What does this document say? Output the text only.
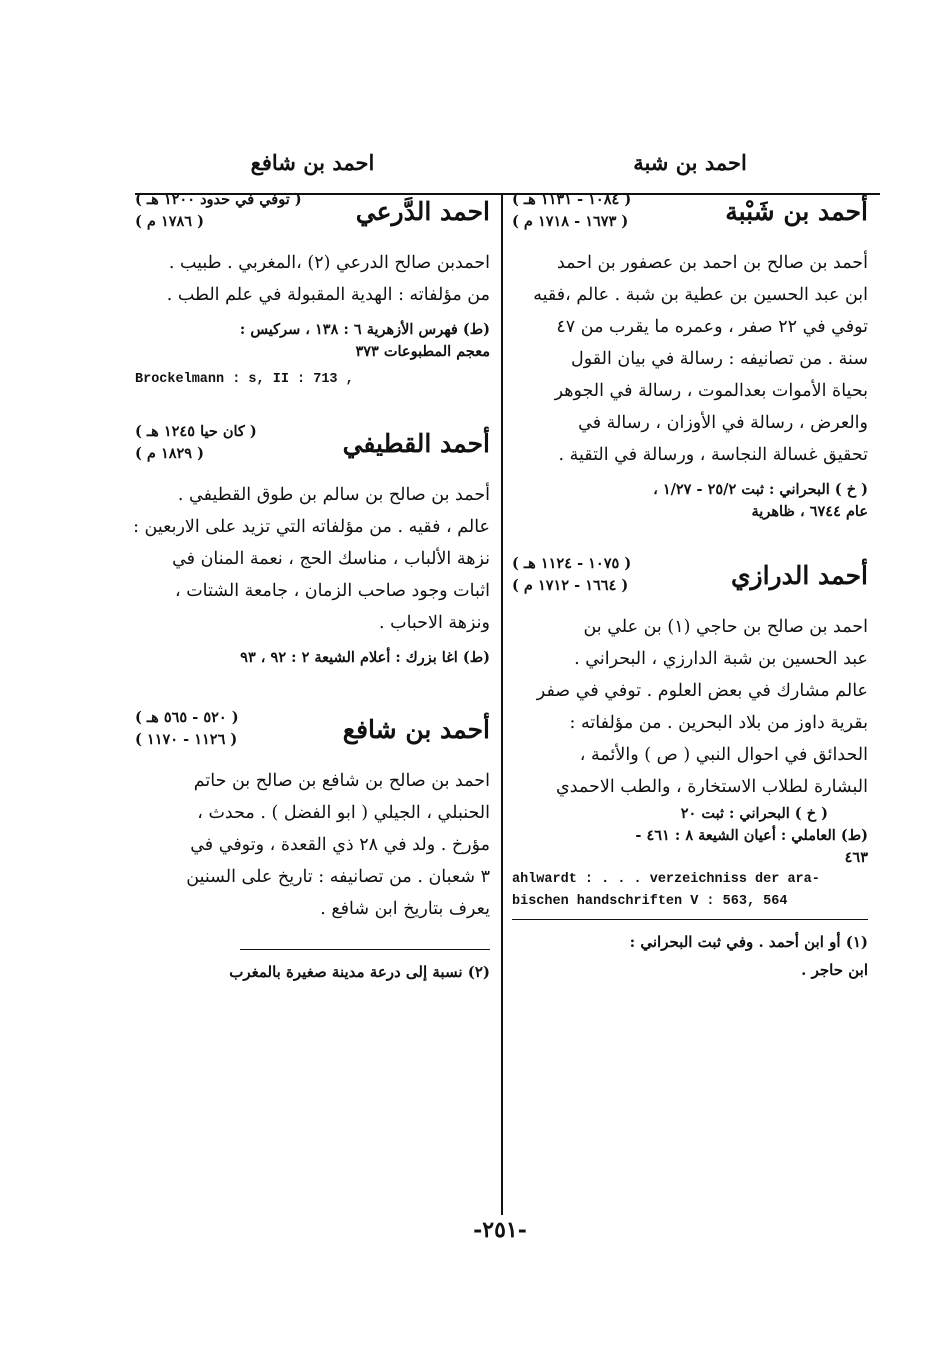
احمد بن شبة
أحمد بن شَبْبة
( ١٠٨٤ - ١١٣١ هـ )
( ١٦٧٣ - ١٧١٨ م )
أحمد بن صالح بن احمد بن عصفور بن احمد
ابن عبد الحسين بن عطية بن شبة . عالم ،فقيه
توفي في ٢٢ صفر ، وعمره ما يقرب من ٤٧
سنة . من تصانيفه : رسالة في بيان القول
بحياة الأموات بعدالموت ، رسالة في الجوهر
والعرض ، رسالة في الأوزان ، رسالة في
تحقيق غسالة النجاسة ، ورسالة في التقية .
( خ ) البحراني : ثبت ٢٥/٢ - ١/٢٧ ،
عام ٦٧٤٤ ، ظاهرية
أحمد الدرازي
( ١٠٧٥ - ١١٢٤ هـ )
( ١٦٦٤ - ١٧١٢ م )
احمد بن صالح بن حاجي (١) بن علي بن
عبد الحسين بن شبة الدارزي ، البحراني .
عالم مشارك في بعض العلوم . توفي في صفر
بقرية داوز من بلاد البحرين . من مؤلفاته :
الحدائق في احوال النبي ( ص ) والأئمة ،
البشارة لطلاب الاستخارة ، والطب الاحمدي
( خ ) البحراني : ثبت ٢٠
(ط) العاملي : أعيان الشيعة ٨ : ٤٦١ -
٤٦٣
ahlwardt : . . . verzeichniss der ara-
bischen handschriften V : 563, 564
(١) أو ابن أحمد . وفي ثبت البحراني :
ابن حاجر .
احمد بن شافع
احمد الدَّرعي
( توفي في حدود ١٢٠٠ هـ )
( ١٧٨٦ م )
احمدبن صالح الدرعي (٢) ،المغربي . طبيب .
من مؤلفاته : الهدية المقبولة في علم الطب .
(ط) فهرس الأزهرية ٦ : ١٣٨ ، سركيس :
معجم المطبوعات ٣٧٣
Brockelmann : s, II : 713 ,
أحمد القطيفي
( كان حيا ١٢٤٥ هـ )
( ١٨٢٩ م )
أحمد بن صالح بن سالم بن طوق القطيفي .
عالم ، فقيه . من مؤلفاته التي تزيد على الاربعين :
نزهة الألباب ، مناسك الحج ، نعمة المنان في
اثبات وجود صاحب الزمان ، جامعة الشتات ،
ونزهة الاحباب .
(ط) اغا بزرك : أعلام الشيعة ٢ : ٩٢ ، ٩٣
أحمد بن شافع
( ٥٢٠ - ٥٦٥ هـ )
( ١١٢٦ - ١١٧٠ )
احمد بن صالح بن شافع بن صالح بن حاتم
الحنبلي ، الجيلي ( ابو الفضل ) . محدث ،
مؤرخ . ولد في ٢٨ ذي القعدة ، وتوفي في
٣ شعبان . من تصانيفه : تاريخ على السنين
يعرف بتاريخ ابن شافع .
(٢) نسبة إلى درعة مدينة صغيرة بالمغرب
-٢٥١-
